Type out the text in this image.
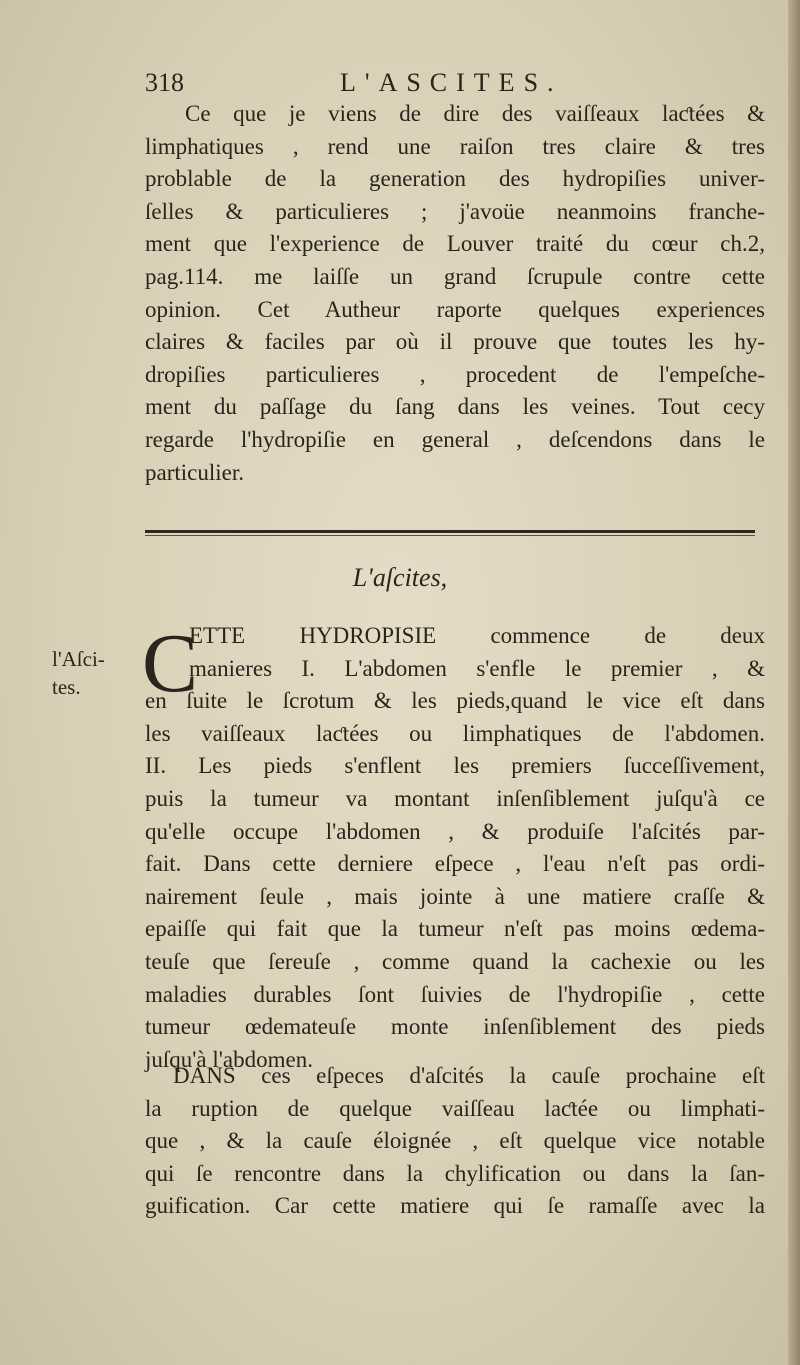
318	L'ASCITES.
Ce que je viens de dire des vaiſſeaux laƈtées &
limphatiques , rend une raiſon tres claire & tres
problable de la generation des hydropiſies univer-
ſelles & particulieres ; j'avoüe neanmoins franche-
ment que l'experience de Louver traité du cœur ch.2,
pag.114. me laiſſe un grand ſcrupule contre cette
opinion. Cet Autheur raporte quelques experiences
claires & faciles par où il prouve que toutes les hy-
dropiſies particulieres , procedent de l'empeſche-
ment du paſſage du ſang dans les veines. Tout cecy
regarde l'hydropiſie en general , deſcendons dans le
particulier.
L'aſcites,
l'Aſci-
tes. C
ETTE HYDROPISIE commence de deux
manieres I. L'abdomen s'enfle le premier , &
en ſuite le ſcrotum & les pieds,quand le vice eſt dans
les vaiſſeaux laƈtées ou limphatiques de l'abdomen.
II. Les pieds s'enflent les premiers ſucceſſivement,
puis la tumeur va montant inſenſiblement juſqu'à ce
qu'elle occupe l'abdomen , & produiſe l'aſcités par-
fait. Dans cette derniere eſpece , l'eau n'eſt pas ordi-
nairement ſeule , mais jointe à une matiere craſſe &
epaiſſe qui fait que la tumeur n'eſt pas moins œdema-
teuſe que ſereuſe , comme quand la cachexie ou les
maladies durables ſont ſuivies de l'hydropiſie , cette
tumeur œdemateuſe monte inſenſiblement des pieds
juſqu'à l'abdomen.
DANS ces eſpeces d'aſcités la cauſe prochaine eſt
la ruption de quelque vaiſſeau laƈtée ou limphati-
que , & la cauſe éloignée , eſt quelque vice notable
qui ſe rencontre dans la chylification ou dans la ſan-
guification. Car cette matiere qui ſe ramaſſe avec la
